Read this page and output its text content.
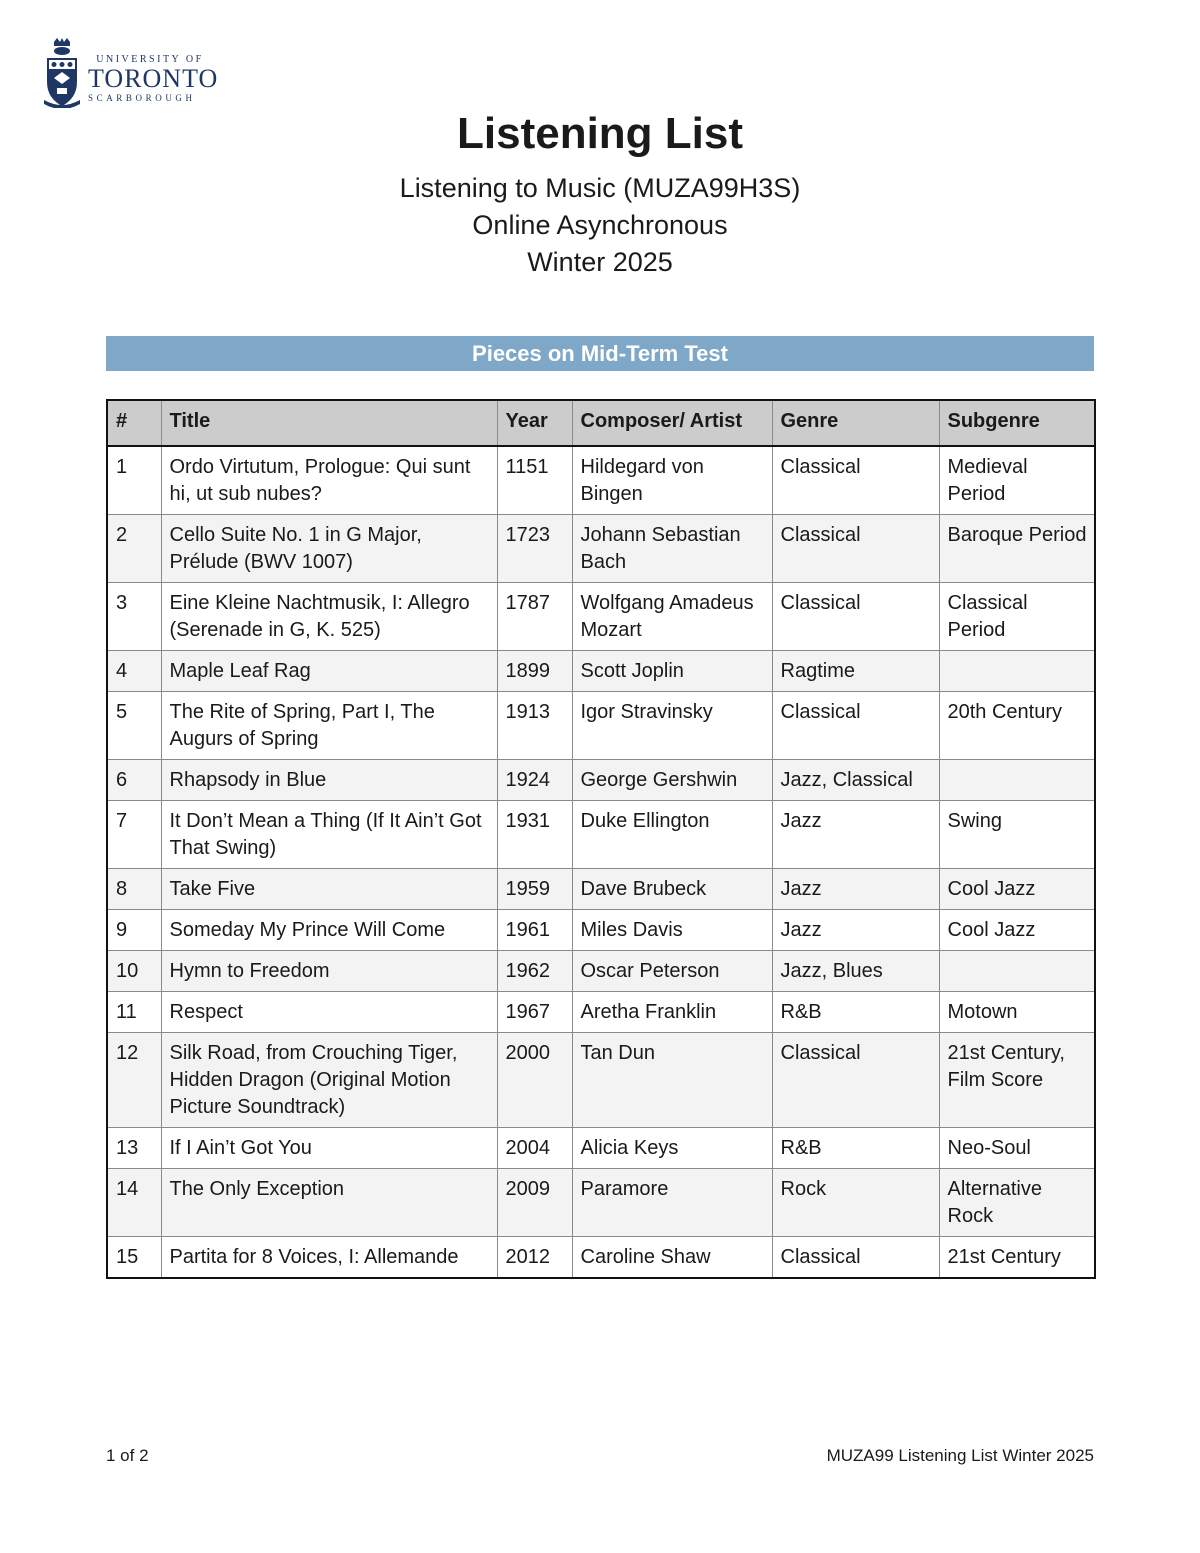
UNIVERSITY OF
TORONTO
SCARBOROUGH
Listening List
Listening to Music (MUZA99H3S)
Online Asynchronous
Winter 2025
Pieces on Mid-Term Test
#	Title	Year	Composer/ Artist	Genre	Subgenre
1	Ordo Virtutum, Prologue: Qui sunt hi, ut sub nubes?	1151	Hildegard von Bingen	Classical	Medieval Period
2	Cello Suite No. 1 in G Major, Prélude (BWV 1007)	1723	Johann Sebastian Bach	Classical	Baroque Period
3	Eine Kleine Nachtmusik, I: Allegro (Serenade in G, K. 525)	1787	Wolfgang Amadeus Mozart	Classical	Classical Period
4	Maple Leaf Rag	1899	Scott Joplin	Ragtime	
5	The Rite of Spring, Part I, The Augurs of Spring	1913	Igor Stravinsky	Classical	20th Century
6	Rhapsody in Blue	1924	George Gershwin	Jazz, Classical	
7	It Don’t Mean a Thing (If It Ain’t Got That Swing)	1931	Duke Ellington	Jazz	Swing
8	Take Five	1959	Dave Brubeck	Jazz	Cool Jazz
9	Someday My Prince Will Come	1961	Miles Davis	Jazz	Cool Jazz
10	Hymn to Freedom	1962	Oscar Peterson	Jazz, Blues	
11	Respect	1967	Aretha Franklin	R&B	Motown
12	Silk Road, from Crouching Tiger, Hidden Dragon (Original Motion Picture Soundtrack)	2000	Tan Dun	Classical	21st Century, Film Score
13	If I Ain’t Got You	2004	Alicia Keys	R&B	Neo-Soul
14	The Only Exception	2009	Paramore	Rock	Alternative Rock
15	Partita for 8 Voices, I: Allemande	2012	Caroline Shaw	Classical	21st Century
1 of 2	MUZA99 Listening List Winter 2025
